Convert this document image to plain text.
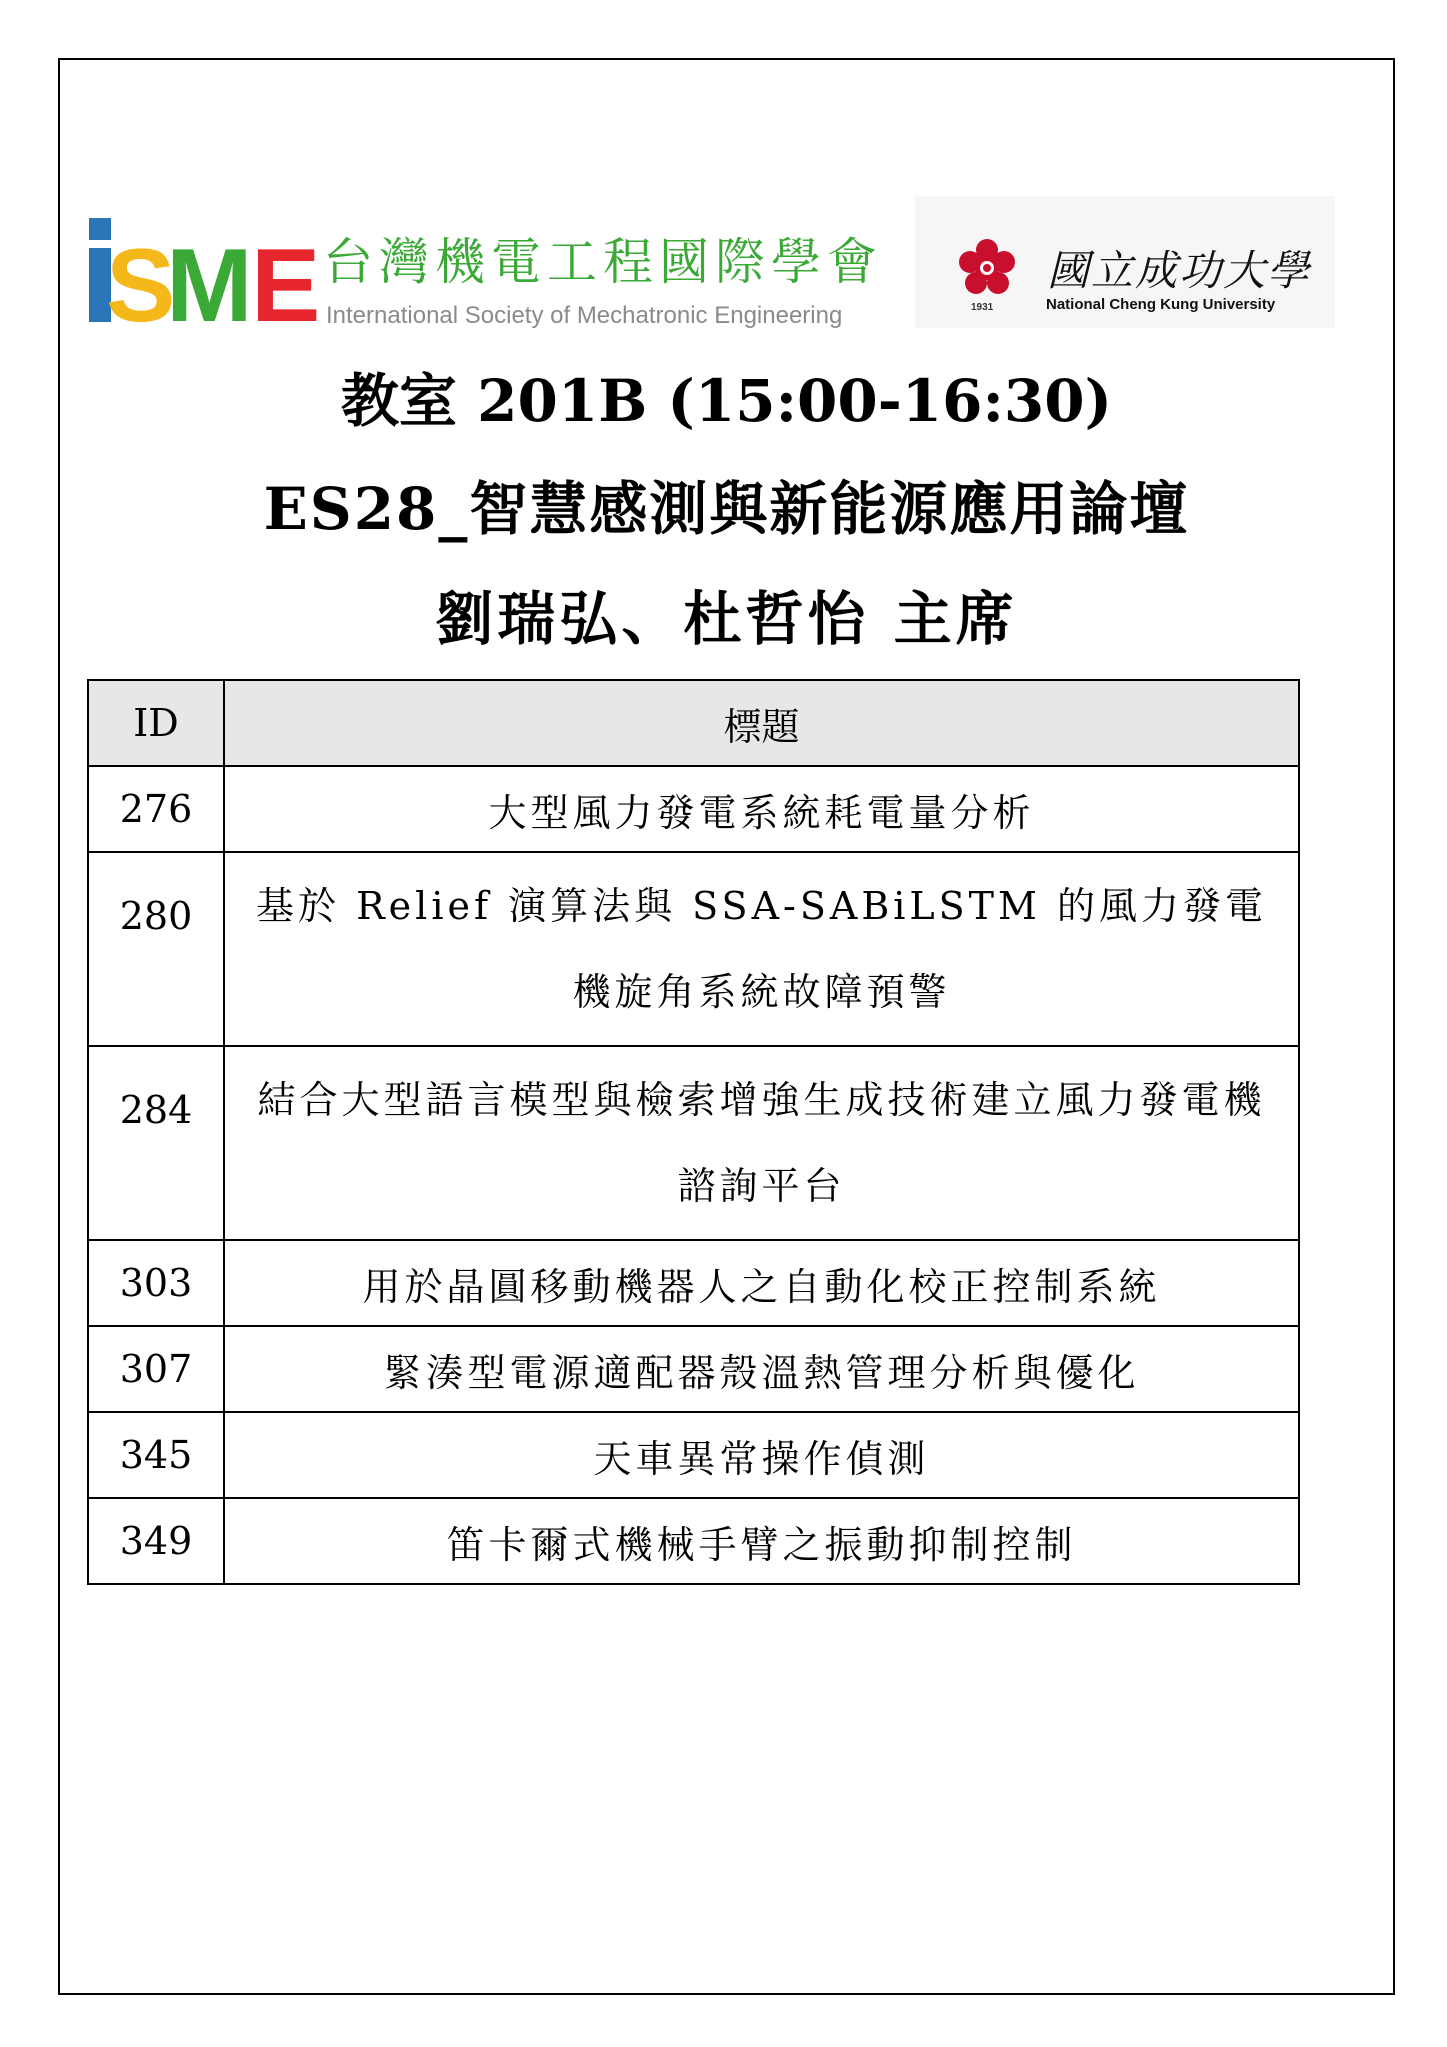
S
M E 台灣機電工程國際學會
International Society of Mechatronic Engineering	1931
國立成功大學
National Cheng Kung University
教室 201B (15:00-16:30)
ES28_智慧感測與新能源應用論壇
劉瑞弘、杜哲怡 主席
ID	標題
276	大型風力發電系統耗電量分析
280	基於 Relief 演算法與 SSA-SABiLSTM 的風力發電機旋角系統故障預警
284	結合大型語言模型與檢索增強生成技術建立風力發電機諮詢平台
303	用於晶圓移動機器人之自動化校正控制系統
307	緊湊型電源適配器殼溫熱管理分析與優化
345	天車異常操作偵測
349	笛卡爾式機械手臂之振動抑制控制
